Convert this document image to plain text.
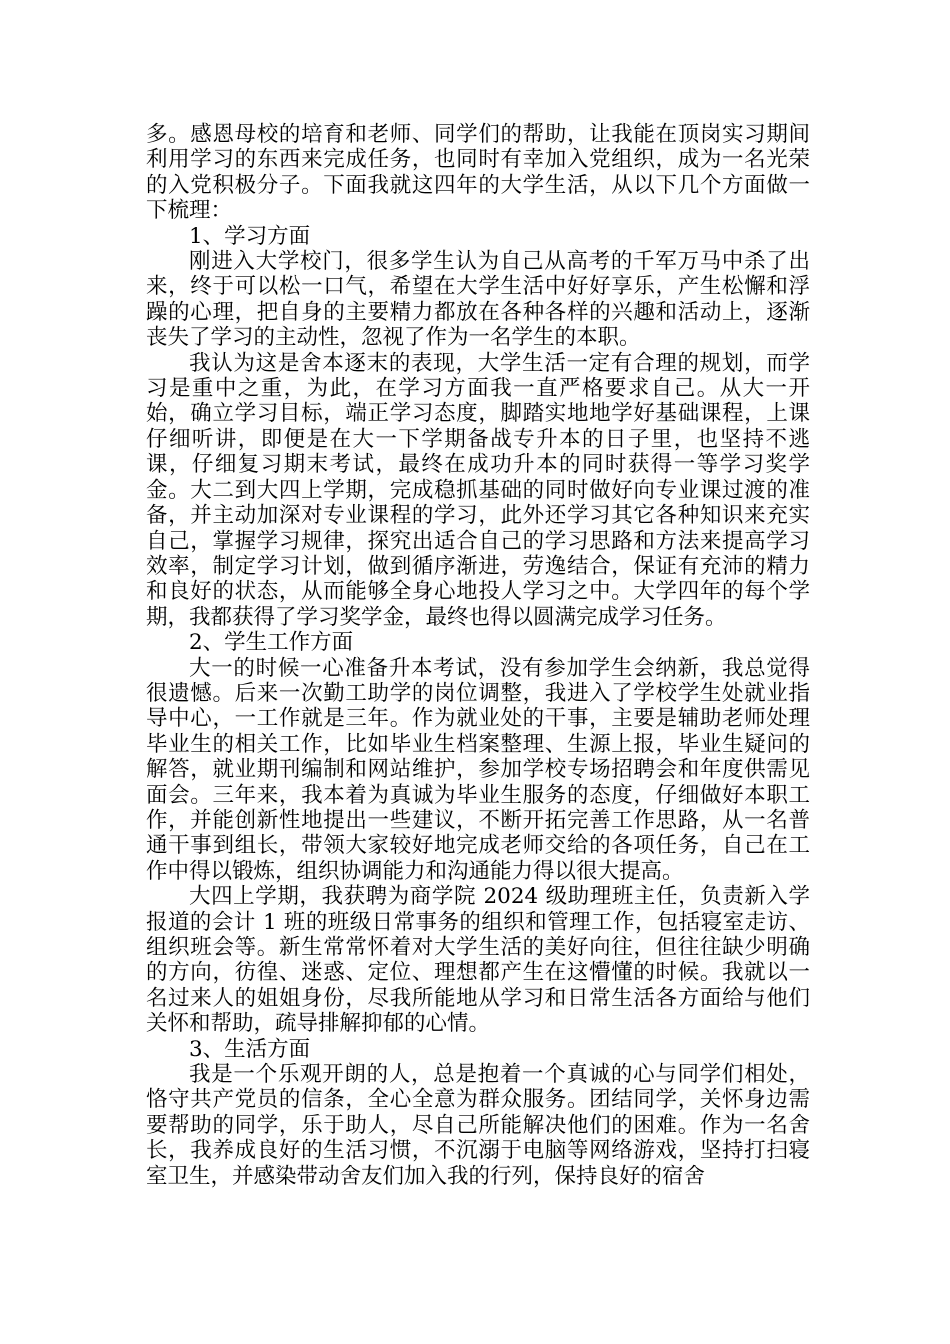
多。感恩母校的培育和老师、同学们的帮助，让我能在顶岗实习期间利用学习的东西来完成任务，也同时有幸加入党组织，成为一名光荣的入党积极分子。下面我就这四年的大学生活，从以下几个方面做一下梳理：

1、学习方面

刚进入大学校门，很多学生认为自己从高考的千军万马中杀了出来，终于可以松一口气，希望在大学生活中好好享乐，产生松懈和浮躁的心理，把自身的主要精力都放在各种各样的兴趣和活动上，逐渐丧失了学习的主动性，忽视了作为一名学生的本职。

我认为这是舍本逐末的表现，大学生活一定有合理的规划，而学习是重中之重，为此，在学习方面我一直严格要求自己。从大一开始，确立学习目标，端正学习态度，脚踏实地地学好基础课程，上课仔细听讲，即便是在大一下学期备战专升本的日子里，也坚持不逃课，仔细复习期末考试，最终在成功升本的同时获得一等学习奖学金。大二到大四上学期，完成稳抓基础的同时做好向专业课过渡的准备，并主动加深对专业课程的学习，此外还学习其它各种知识来充实自己，掌握学习规律，探究出适合自己的学习思路和方法来提高学习效率，制定学习计划，做到循序渐进，劳逸结合，保证有充沛的精力和良好的状态，从而能够全身心地投人学习之中。大学四年的每个学期，我都获得了学习奖学金，最终也得以圆满完成学习任务。

2、学生工作方面

大一的时候一心准备升本考试，没有参加学生会纳新，我总觉得很遗憾。后来一次勤工助学的岗位调整，我进入了学校学生处就业指导中心，一工作就是三年。作为就业处的干事，主要是辅助老师处理毕业生的相关工作，比如毕业生档案整理、生源上报，毕业生疑问的解答，就业期刊编制和网站维护，参加学校专场招聘会和年度供需见面会。三年来，我本着为真诚为毕业生服务的态度，仔细做好本职工作，并能创新性地提出一些建议，不断开拓完善工作思路，从一名普通干事到组长，带领大家较好地完成老师交给的各项任务，自己在工作中得以锻炼，组织协调能力和沟通能力得以很大提高。

大四上学期，我获聘为商学院 2024 级助理班主任，负责新入学报道的会计 1 班的班级日常事务的组织和管理工作，包括寝室走访、组织班会等。新生常常怀着对大学生活的美好向往，但往往缺少明确的方向，彷徨、迷惑、定位、理想都产生在这懵懂的时候。我就以一名过来人的姐姐身份，尽我所能地从学习和日常生活各方面给与他们关怀和帮助，疏导排解抑郁的心情。

3、生活方面

我是一个乐观开朗的人，总是抱着一个真诚的心与同学们相处，恪守共产党员的信条，全心全意为群众服务。团结同学，关怀身边需要帮助的同学，乐于助人，尽自己所能解决他们的困难。作为一名舍长，我养成良好的生活习惯，不沉溺于电脑等网络游戏，坚持打扫寝室卫生，并感染带动舍友们加入我的行列，保持良好的宿舍
